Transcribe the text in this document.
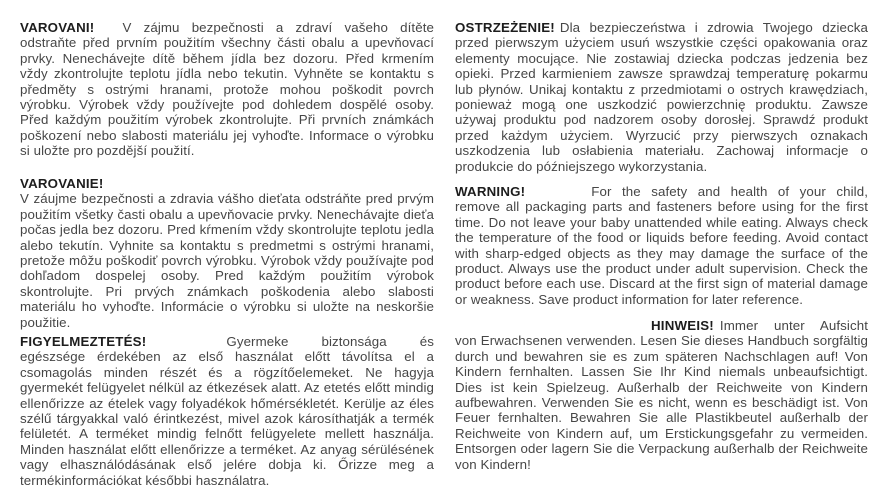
VAROVANI! V zájmu bezpečnosti a zdraví vašeho dítěte odstraňte před prvním použitím všechny části obalu a upevňovací prvky. Nenechávejte dítě během jídla bez dozoru. Před krmením vždy zkontrolujte teplotu jídla nebo tekutin. Vyhněte se kontaktu s předměty s ostrými hranami, protože mohou poškodit povrch výrobku. Výrobek vždy používejte pod dohledem dospělé osoby. Před každým použitím výrobek zkontrolujte. Při prvních známkách poškození nebo slabosti materiálu jej vyhoďte. Informace o výrobku si uložte pro pozdější použití.

VAROVANIE!

V záujme bezpečnosti a zdravia vášho dieťata odstráňte pred prvým použitím všetky časti obalu a upevňovacie prvky. Nenechávajte dieťa počas jedla bez dozoru. Pred kŕmením vždy skontrolujte teplotu jedla alebo tekutín. Vyhnite sa kontaktu s predmetmi s ostrými hranami, pretože môžu poškodiť povrch výrobku. Výrobok vždy používajte pod dohľadom dospelej osoby. Pred každým použitím výrobok skontrolujte. Pri prvých známkach poškodenia alebo slabosti materiálu ho vyhoďte. Informácie o výrobku si uložte na neskoršie použitie.

FIGYELMEZTETÉS!	Gyermeke biztonsága és egészsége érdekében az első használat előtt távolítsa el a csomagolás minden részét és a rögzítőelemeket. Ne hagyja gyermekét felügyelet nélkül az étkezések alatt. Az etetés előtt mindig ellenőrizze az ételek vagy folyadékok hőmérsékletét. Kerülje az éles szélű tárgyakkal való érintkezést, mivel azok károsíthatják a termék felületét. A terméket mindig felnőtt felügyelete mellett használja. Minden használat előtt ellenőrizze a terméket. Az anyag sérülésének vagy elhasználódásának első jelére dobja ki. Őrizze meg a termékinformációkat későbbi használatra.

OSTRZEŻENIE! Dla bezpieczeństwa i zdrowia Twojego dziecka przed pierwszym użyciem usuń wszystkie części opakowania oraz elementy mocujące. Nie zostawiaj dziecka podczas jedzenia bez opieki. Przed karmieniem zawsze sprawdzaj temperaturę pokarmu lub płynów. Unikaj kontaktu z przedmiotami o ostrych krawędziach, ponieważ mogą one uszkodzić powierzchnię produktu. Zawsze używaj produktu pod nadzorem osoby dorosłej. Sprawdź produkt przed każdym użyciem. Wyrzucić przy pierwszych oznakach uszkodzenia lub osłabienia materiału. Zachowaj informacje o produkcie do późniejszego wykorzystania.

WARNING!	For the safety and health of your child, remove all packaging parts and fasteners before using for the first time. Do not leave your baby unattended while eating. Always check the temperature of the food or liquids before feeding. Avoid contact with sharp-edged objects as they may damage the surface of the product. Always use the product under adult supervision. Check the product before each use. Discard at the first sign of material damage or weakness. Save product information for later reference.

HINWEIS! Immer unter Aufsicht von Erwachsenen verwenden. Lesen Sie dieses Handbuch sorgfältig durch und bewahren sie es zum späteren Nachschlagen auf! Von Kindern fernhalten. Lassen Sie Ihr Kind niemals unbeaufsichtigt. Dies ist kein Spielzeug. Außerhalb der Reichweite von Kindern aufbewahren. Verwenden Sie es nicht, wenn es beschädigt ist. Von Feuer fernhalten. Bewahren Sie alle Plastikbeutel außerhalb der Reichweite von Kindern auf, um Erstickungsgefahr zu vermeiden. Entsorgen oder lagern Sie die Verpackung außerhalb der Reichweite von Kindern!
